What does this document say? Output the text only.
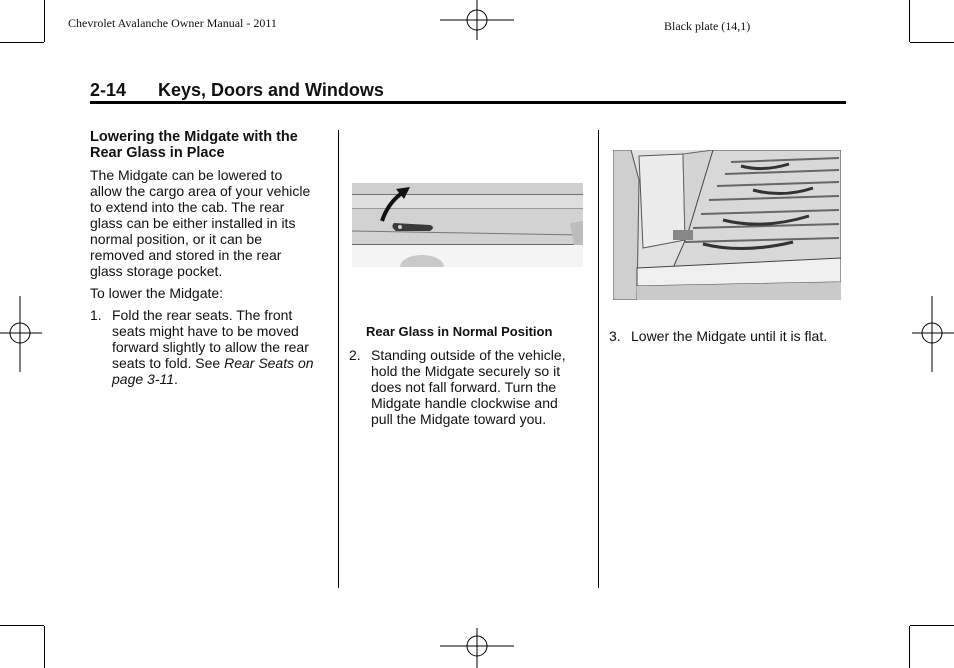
Chevrolet Avalanche Owner Manual - 2011	Black plate (14,1)
2-14 Keys, Doors and Windows
Lowering the Midgate with the
Rear Glass in Place

The Midgate can be lowered to
allow the cargo area of your vehicle
to extend into the cab. The rear
glass can be either installed in its
normal position, or it can be
removed and stored in the rear
glass storage pocket.

To lower the Midgate:

1. Fold the rear seats. The front
seats might have to be moved
forward slightly to allow the rear
seats to fold. See Rear Seats on
page 3-11.
Rear Glass in Normal Position
2. Standing outside of the vehicle,
hold the Midgate securely so it
does not fall forward. Turn the
Midgate handle clockwise and
pull the Midgate toward you.
3. Lower the Midgate until it is flat.
